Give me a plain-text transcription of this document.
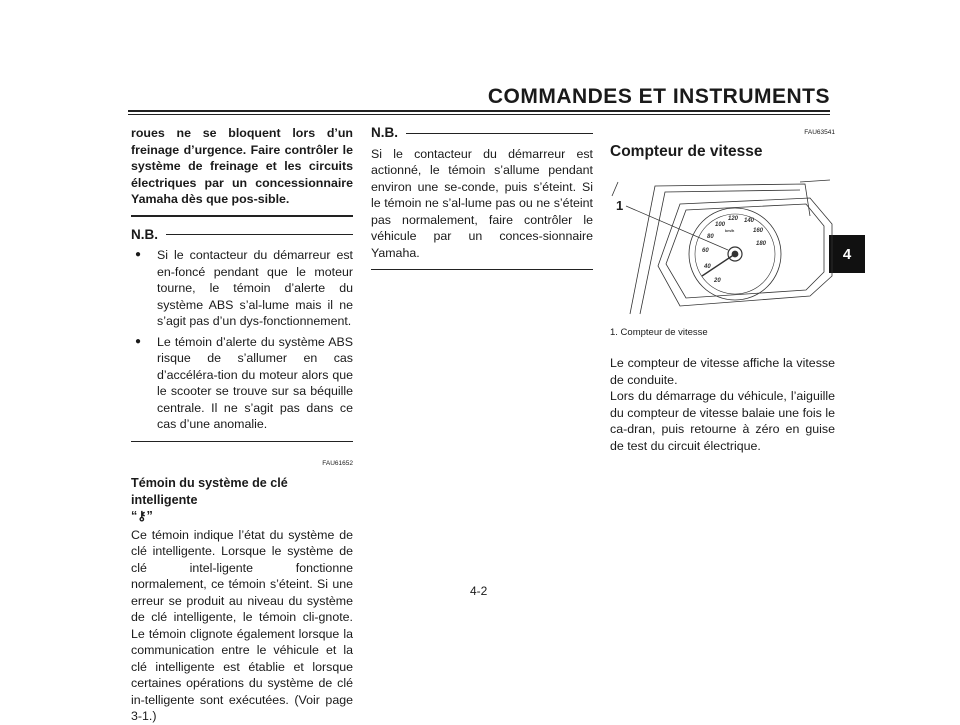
COMMANDES ET INSTRUMENTS
4
roues ne se bloquent lors d’un freinage d’urgence. Faire contrôler le système de freinage et les circuits électriques par un concessionnaire Yamaha dès que pos-sible.
N.B.
●	Si le contacteur du démarreur est en-foncé pendant que le moteur tourne, le témoin d’alerte du système ABS s’al-lume mais il ne s’agit pas d’un dys-fonctionnement.
●	Le témoin d’alerte du système ABS risque de s’allumer en cas d’accéléra-tion du moteur alors que le scooter se trouve sur sa béquille centrale. Il ne s’agit pas dans ce cas d’une anomalie.
FAU61652
Témoin du système de clé intelligente
“⚷”
Ce témoin indique l’état du système de clé intelligente. Lorsque le système de clé intel-ligente fonctionne normalement, ce témoin s’éteint. Si une erreur se produit au niveau du système de clé intelligente, le témoin cli-gnote. Le témoin clignote également lorsque la communication entre le véhicule et la clé intelligente est établie et lorsque certaines opérations du système de clé in-telligente sont exécutées. (Voir page 3-1.)
N.B.
Si le contacteur du démarreur est actionné, le témoin s’allume pendant environ une se-conde, puis s’éteint. Si le témoin ne s’al-lume pas ou ne s’éteint pas normalement, faire contrôler le véhicule par un conces-sionnaire Yamaha.
FAU63541
Compteur de vitesse
1
20
40
60
80
100
120 140
160
180
km/h
1. Compteur de vitesse
Le compteur de vitesse affiche la vitesse de conduite.
Lors du démarrage du véhicule, l’aiguille du compteur de vitesse balaie une fois le ca-dran, puis retourne à zéro en guise de test du circuit électrique.
4-2
